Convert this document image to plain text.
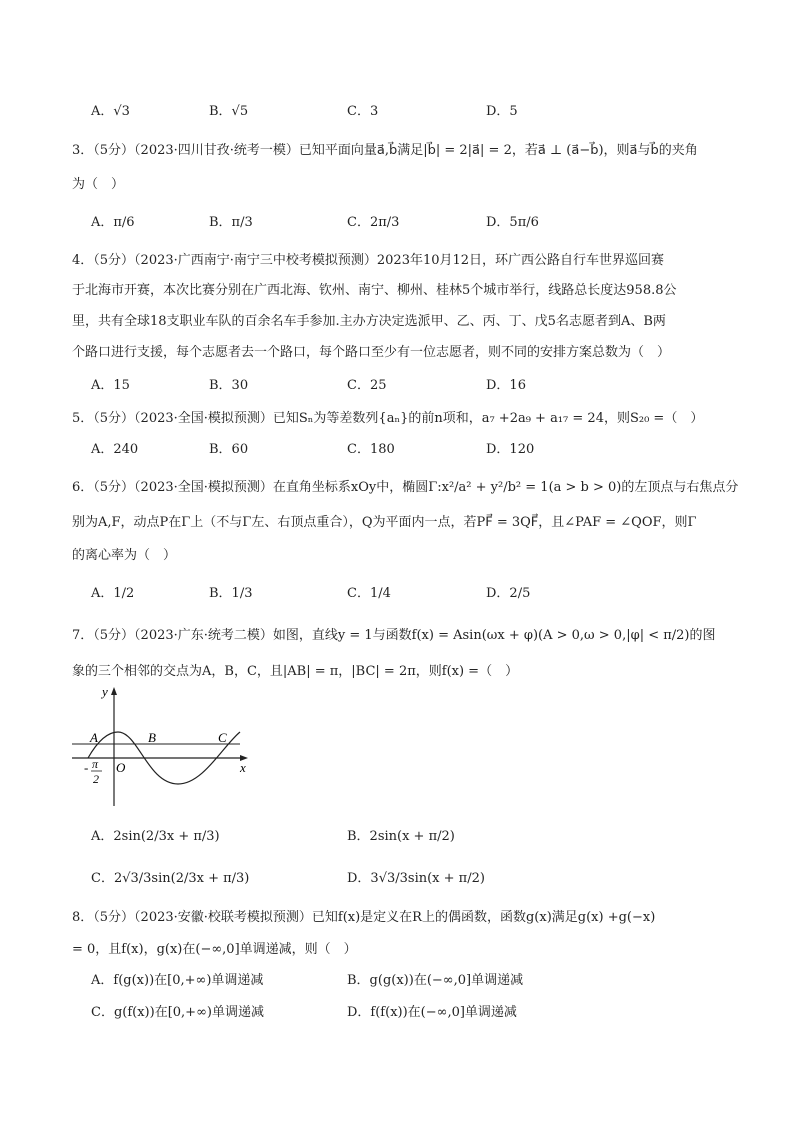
A．√3	B．√5	C．3	D．5
3．（5分）（2023·四川甘孜·统考一模）已知平面向量a⃗,b⃗满足|b⃗| = 2|a⃗| = 2，若a⃗ ⊥ (a⃗−b⃗)，则a⃗与b⃗的夹角
为（　）
A．π/6	B．π/3	C．2π/3	D．5π/6
4．（5分）（2023·广西南宁·南宁三中校考模拟预测）2023年10月12日，环广西公路自行车世界巡回赛
于北海市开赛，本次比赛分别在广西北海、钦州、南宁、柳州、桂林5个城市举行，线路总长度达958.8公
里，共有全球18支职业车队的百余名车手参加.主办方决定选派甲、乙、丙、丁、戊5名志愿者到A、B两
个路口进行支援，每个志愿者去一个路口，每个路口至少有一位志愿者，则不同的安排方案总数为（　）
A．15	B．30	C．25	D．16
5．（5分）（2023·全国·模拟预测）已知Sₙ为等差数列{aₙ}的前n项和，a₇ +2a₉ + a₁₇ = 24，则S₂₀ =（　）
A．240	B．60	C．180	D．120
6．（5分）（2023·全国·模拟预测）在直角坐标系xOy中，椭圆Γ:x²/a² + y²/b² = 1(a > b > 0)的左顶点与右焦点分
别为A,F，动点P在Γ上（不与Γ左、右顶点重合），Q为平面内一点，若PF⃗ = 3QF⃗，且∠PAF = ∠QOF，则Γ
的离心率为（　）
A．1/2	B．1/3	C．1/4	D．2/5
7．（5分）（2023·广东·统考二模）如图，直线y = 1与函数f(x) = Asin(ωx + φ)(A > 0,ω > 0,|φ| < π/2)的图
象的三个相邻的交点为A，B，C，且|AB| = π，|BC| = 2π，则f(x) =（　）
y
x
A	B	C
O
- π
2
A．2sin(2/3x + π/3)	B．2sin(x + π/2)
C．2√3/3sin(2/3x + π/3)	D．3√3/3sin(x + π/2)
8．（5分）（2023·安徽·校联考模拟预测）已知f(x)是定义在R上的偶函数，函数g(x)满足g(x) +g(−x)
= 0，且f(x)，g(x)在(−∞,0]单调递减，则（　）
A．f(g(x))在[0,+∞)单调递减	B．g(g(x))在(−∞,0]单调递减
C．g(f(x))在[0,+∞)单调递减	D．f(f(x))在(−∞,0]单调递减
